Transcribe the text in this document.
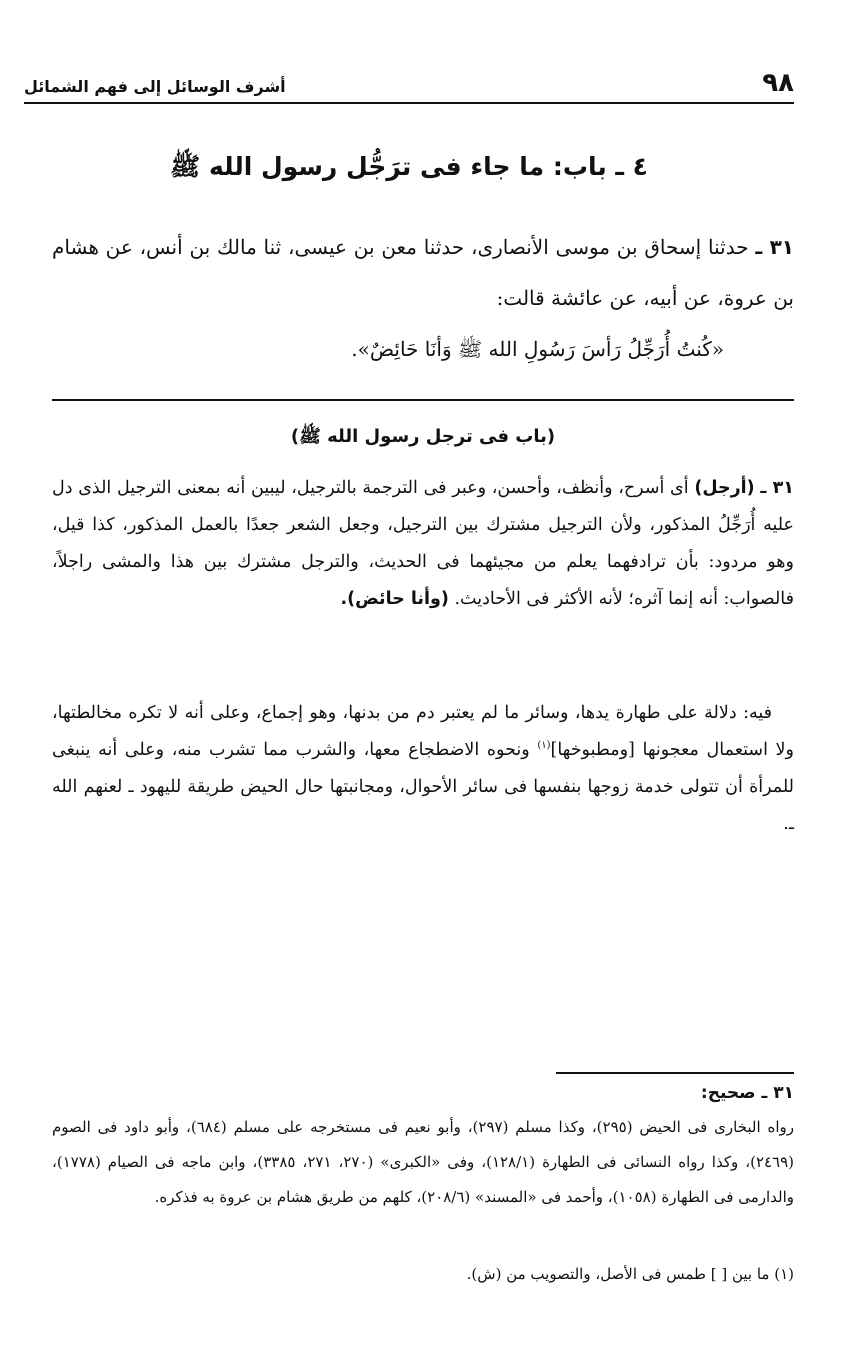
٩٨
أشرف الوسائل إلى فهم الشمائل
٤ ـ باب: ما جاء فى ترَجُّل رسول الله ﷺ
٣١ ـ حدثنا إسحاق بن موسى الأنصارى، حدثنا معن بن عيسى، ثنا مالك بن أنس، عن هشام بن عروة، عن أبيه، عن عائشة قالت:
«كُنتُ أُرَجِّلُ رَأسَ رَسُولِ الله ﷺ وَأنَا حَائِضٌ».
(باب فى ترجل رسول الله ﷺ)
٣١ ـ (أرجل) أى أسرح، وأنظف، وأحسن، وعبر فى الترجمة بالترجيل، ليبين أنه بمعنى الترجيل الذى دل عليه أُرَجِّلُ المذكور، ولأن الترجيل مشترك بين الترجيل، وجعل الشعر جعدًا بالعمل المذكور، كذا قيل، وهو مردود: بأن ترادفهما يعلم من مجيئهما فى الحديث، والترجل مشترك بين هذا والمشى راجلاً، فالصواب: أنه إنما آثره؛ لأنه الأكثر فى الأحاديث. (وأنا حائض).
فيه: دلالة على طهارة يدها، وسائر ما لم يعتبر دم من بدنها، وهو إجماع، وعلى أنه لا تكره مخالطتها، ولا استعمال معجونها [ومطبوخها]$^{(١)}$ ونحوه الاضطجاع معها، والشرب مما تشرب منه، وعلى أنه ينبغى للمرأة أن تتولى خدمة زوجها بنفسها فى سائر الأحوال، ومجانبتها حال الحيض طريقة لليهود ـ لعنهم الله ـ.
٣١ ـ صحيح:
رواه البخارى فى الحيض (٢٩٥)، وكذا مسلم (٢٩٧)، وأبو نعيم فى مستخرجه على مسلم (٦٨٤)، وأبو داود فى الصوم (٢٤٦٩)، وكذا رواه النسائى فى الطهارة (١٢٨/١)، وفى «الكبرى» (٢٧٠، ٢٧١، ٣٣٨٥)، وابن ماجه فى الصيام (١٧٧٨)، والدارمى فى الطهارة (١٠٥٨)، وأحمد فى «المسند» (٢٠٨/٦)، كلهم من طريق هشام بن عروة به فذكره.
(١) ما بين [ ] طمس فى الأصل، والتصويب من (ش).
